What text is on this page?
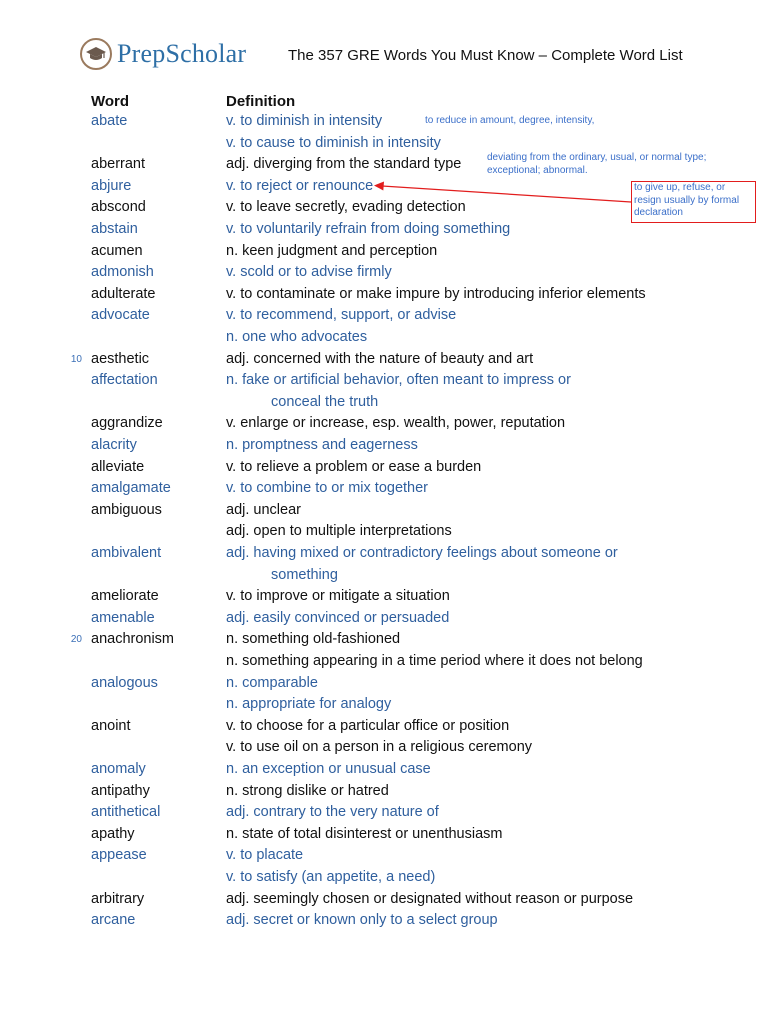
PrepScholar	The 357 GRE Words You Must Know – Complete Word List
Word	Definition
abate	v. to diminish in intensity
v. to cause to diminish in intensity
aberrant	adj. diverging from the standard type
abjure	v. to reject or renounce
abscond	v. to leave secretly, evading detection
abstain	v. to voluntarily refrain from doing something
acumen	n. keen judgment and perception
admonish	v. scold or to advise firmly
adulterate	v. to contaminate or make impure by introducing inferior elements
advocate	v. to recommend, support, or advise
n. one who advocates
10 aesthetic	adj. concerned with the nature of beauty and art
affectation	n. fake or artificial behavior, often meant to impress or
conceal the truth
aggrandize	v. enlarge or increase, esp. wealth, power, reputation
alacrity	n. promptness and eagerness
alleviate	v. to relieve a problem or ease a burden
amalgamate	v. to combine to or mix together
ambiguous	adj. unclear
adj. open to multiple interpretations
ambivalent	adj. having mixed or contradictory feelings about someone or
something
ameliorate	v. to improve or mitigate a situation
amenable	adj. easily convinced or persuaded
20 anachronism	n. something old-fashioned
n. something appearing in a time period where it does not belong
analogous	n. comparable
n. appropriate for analogy
anoint	v. to choose for a particular office or position
v. to use oil on a person in a religious ceremony
anomaly	n. an exception or unusual case
antipathy	n. strong dislike or hatred
antithetical	adj. contrary to the very nature of
apathy	n. state of total disinterest or unenthusiasm
appease	v. to placate
v. to satisfy (an appetite, a need)
arbitrary	adj. seemingly chosen or designated without reason or purpose
arcane	adj. secret or known only to a select group
to reduce in amount, degree, intensity,
deviating from the ordinary, usual, or normal type;
exceptional; abnormal.
to give up, refuse, or
resign usually by formal
declaration
